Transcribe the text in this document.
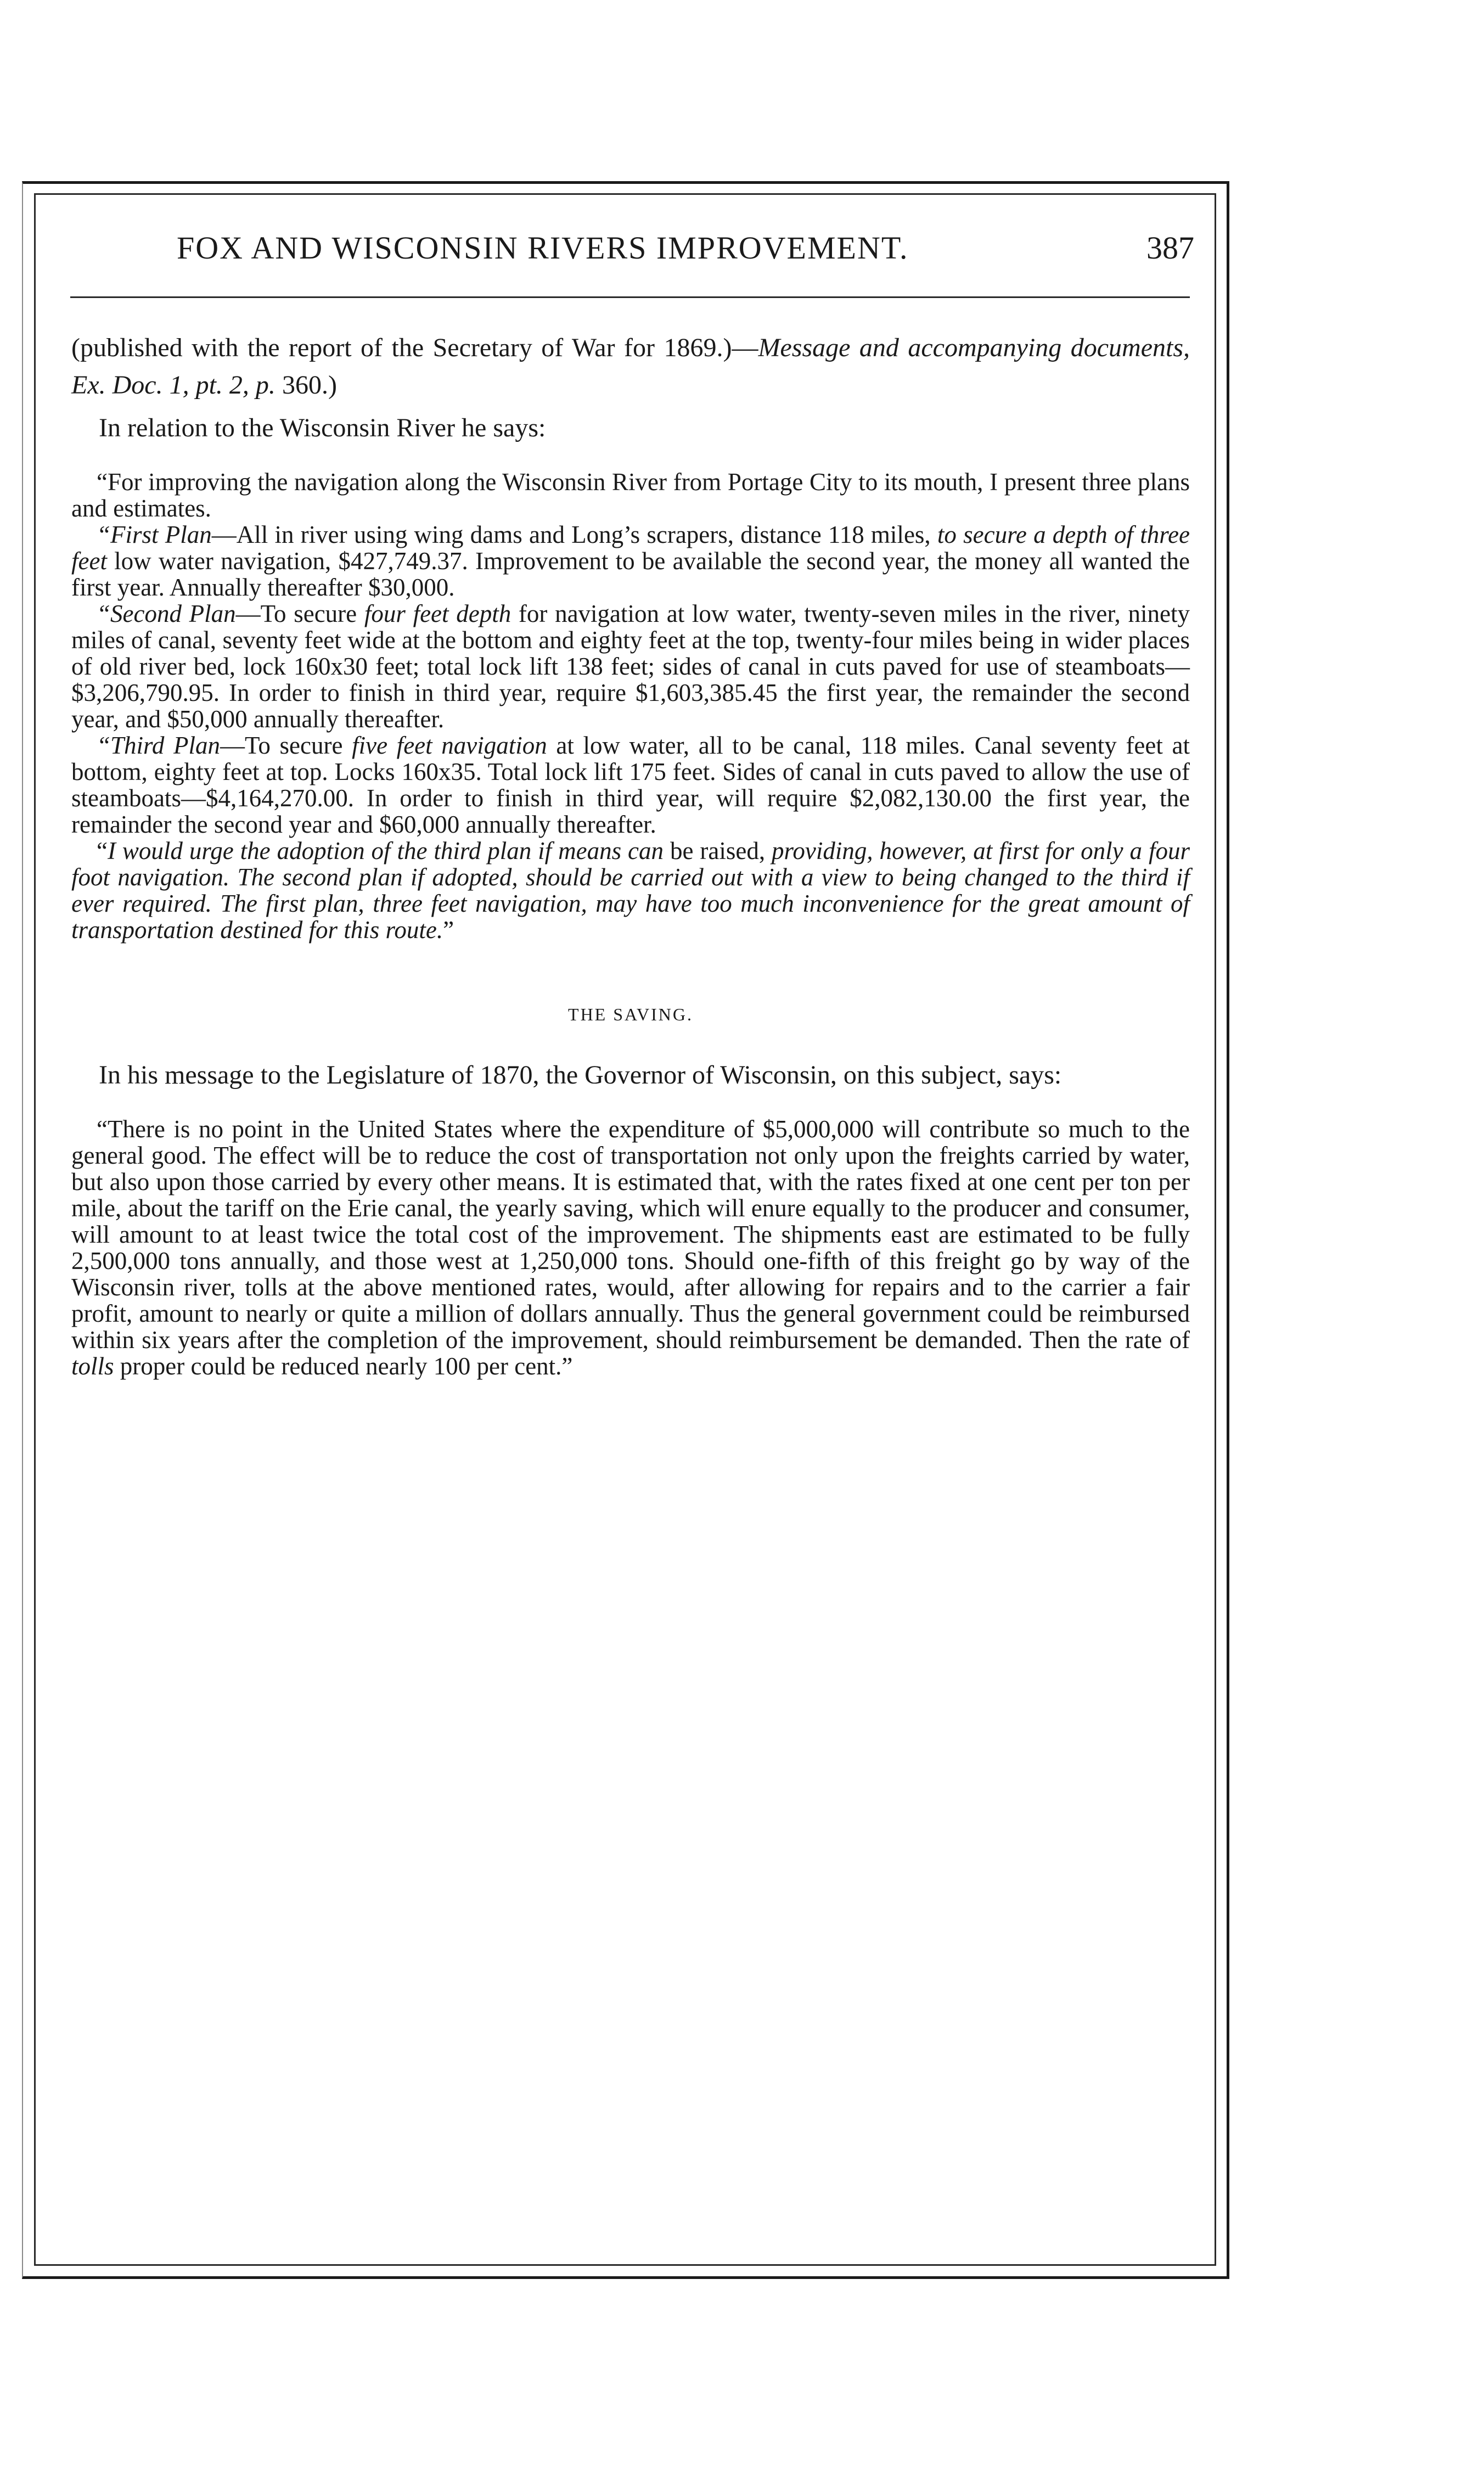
FOX AND WISCONSIN RIVERS IMPROVEMENT.	387

(published with the report of the Secretary of War for 1869.)—Message and accompanying documents, Ex. Doc. 1, pt. 2, p. 360.)

In relation to the Wisconsin River he says:

“For improving the navigation along the Wisconsin River from Portage City to its mouth, I present three plans and estimates.

“First Plan—All in river using wing dams and Long’s scrapers, distance 118 miles, to secure a depth of three feet low water navigation, $427,749.37. Improvement to be available the second year, the money all wanted the first year. Annually thereafter $30,000.

“Second Plan—To secure four feet depth for navigation at low water, twenty-seven miles in the river, ninety miles of canal, seventy feet wide at the bottom and eighty feet at the top, twenty-four miles being in wider places of old river bed, lock 160x30 feet; total lock lift 138 feet; sides of canal in cuts paved for use of steamboats—$3,206,790.95. In order to finish in third year, require $1,603,385.45 the first year, the remainder the second year, and $50,000 annually thereafter.

“Third Plan—To secure five feet navigation at low water, all to be canal, 118 miles. Canal seventy feet at bottom, eighty feet at top. Locks 160x35. Total lock lift 175 feet. Sides of canal in cuts paved to allow the use of steamboats—$4,164,270.00. In order to finish in third year, will require $2,082,130.00 the first year, the remainder the second year and $60,000 annually thereafter.

“I would urge the adoption of the third plan if means can be raised, providing, however, at first for only a four foot navigation. The second plan if adopted, should be carried out with a view to being changed to the third if ever required. The first plan, three feet navigation, may have too much inconvenience for the great amount of transportation destined for this route.”

THE SAVING.

In his message to the Legislature of 1870, the Governor of Wisconsin, on this subject, says:

“There is no point in the United States where the expenditure of $5,000,000 will contribute so much to the general good. The effect will be to reduce the cost of transportation not only upon the freights carried by water, but also upon those carried by every other means. It is estimated that, with the rates fixed at one cent per ton per mile, about the tariff on the Erie canal, the yearly saving, which will enure equally to the producer and consumer, will amount to at least twice the total cost of the improvement. The shipments east are estimated to be fully 2,500,000 tons annually, and those west at 1,250,000 tons. Should one-fifth of this freight go by way of the Wisconsin river, tolls at the above mentioned rates, would, after allowing for repairs and to the carrier a fair profit, amount to nearly or quite a million of dollars annually. Thus the general government could be reimbursed within six years after the completion of the improvement, should reimbursement be demanded. Then the rate of tolls proper could be reduced nearly 100 per cent.”
